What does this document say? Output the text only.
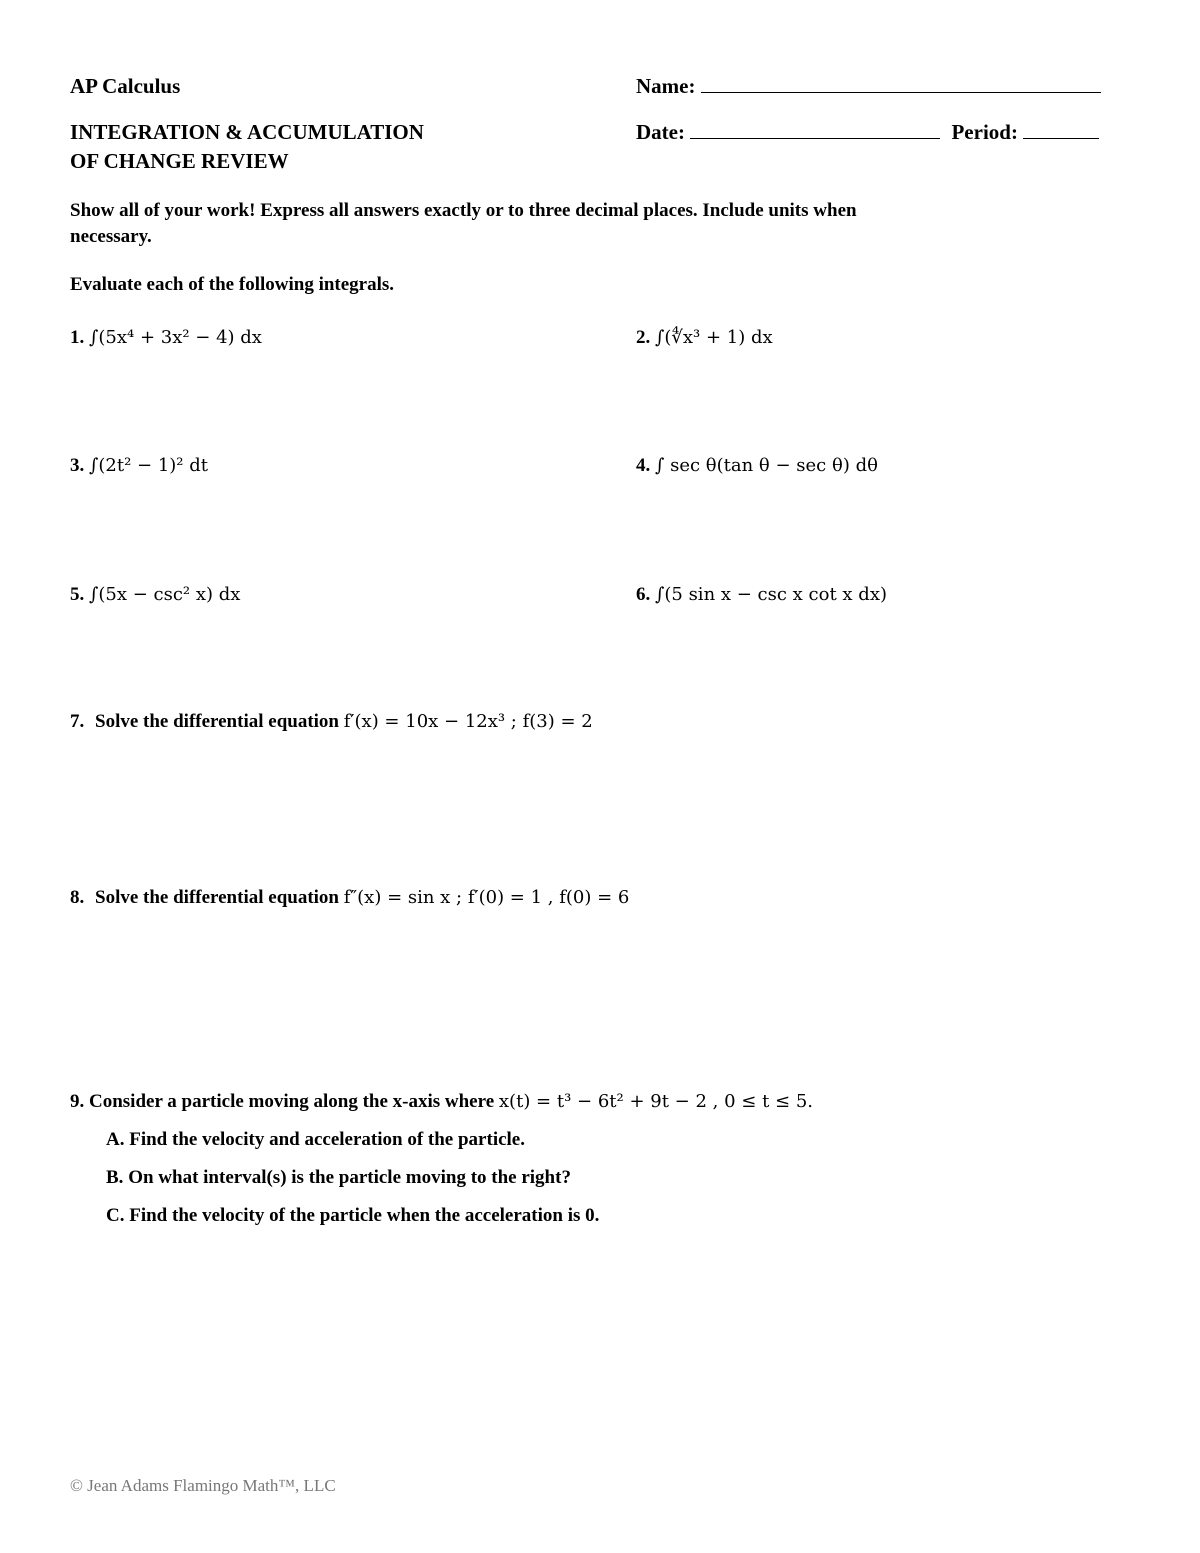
AP Calculus	Name:
INTEGRATION & ACCUMULATION
OF CHANGE REVIEW
Date:	Period:
Show all of your work! Express all answers exactly or to three decimal places. Include units when
necessary.
Evaluate each of the following integrals.
1. ∫(5x⁴ + 3x² − 4) dx	2. ∫(∜x³ + 1) dx
3. ∫(2t² − 1)² dt	4. ∫ sec θ(tan θ − sec θ) dθ
5. ∫(5x − csc² x) dx	6. ∫(5 sin x − csc x cot x dx)
7. Solve the differential equation f′(x) = 10x − 12x³ ; f(3) = 2
8. Solve the differential equation f″(x) = sin x ; f′(0) = 1 , f(0) = 6
9. Consider a particle moving along the x-axis where x(t) = t³ − 6t² + 9t − 2 , 0 ≤ t ≤ 5.
A. Find the velocity and acceleration of the particle.
B. On what interval(s) is the particle moving to the right?
C. Find the velocity of the particle when the acceleration is 0.
© Jean Adams Flamingo Math™, LLC
